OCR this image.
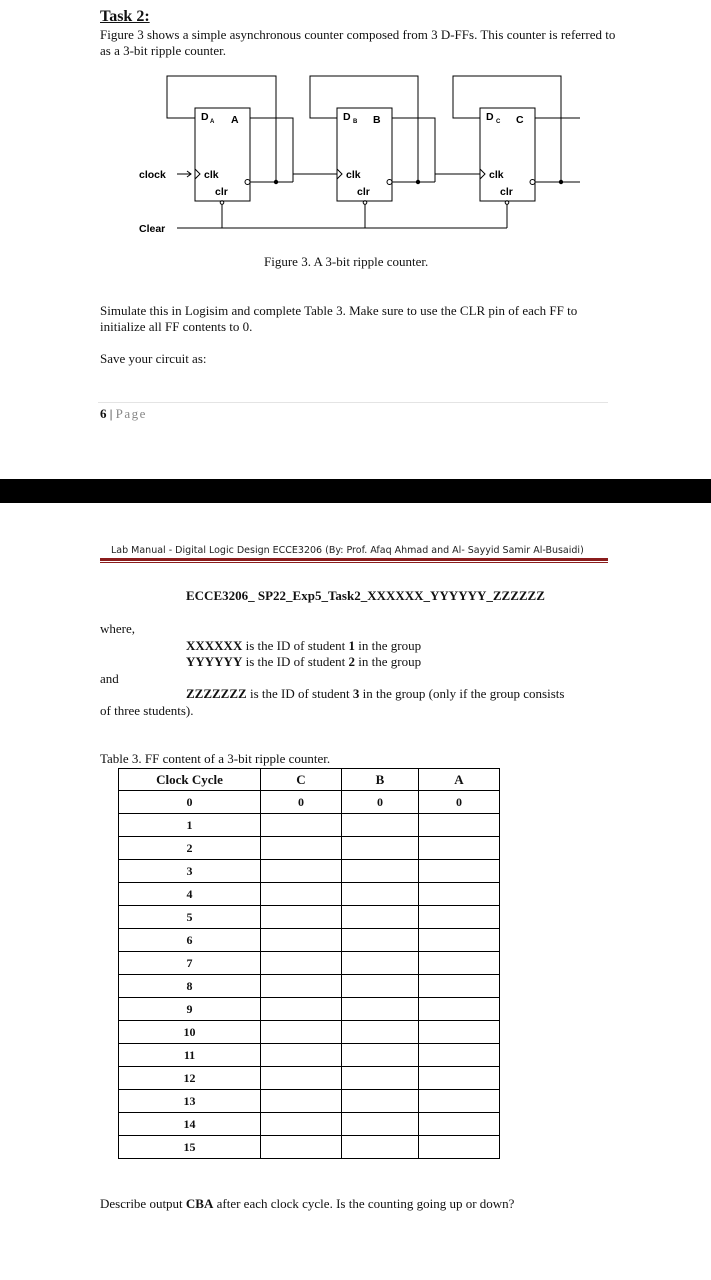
Task 2:
Figure 3 shows a simple asynchronous counter composed from 3 D-FFs. This counter is referred to as a 3-bit ripple counter.
clock
Clear
clk
clr
D A A
clk
clr
D B B
clk
clr
D C C
Figure 3. A 3-bit ripple counter.
Simulate this in Logisim and complete Table 3. Make sure to use the CLR pin of each FF to initialize all FF contents to 0.
Save your circuit as:
6 | Page
Lab Manual - Digital Logic Design ECCE3206 (By: Prof. Afaq Ahmad and Al- Sayyid Samir Al-Busaidi)
ECCE3206_ SP22_Exp5_Task2_XXXXXX_YYYYYY_ZZZZZZ
where,
XXXXXX is the ID of student 1 in the group
YYYYYY is the ID of student 2 in the group
and
ZZZZZZZ is the ID of student 3 in the group (only if the group consists
of three students).
Table 3. FF content of a 3-bit ripple counter.
Clock Cycle	C	B	A
0	0	0	0
1			
2			
3			
4			
5			
6			
7			
8			
9			
10			
11			
12			
13			
14			
15			
Describe output CBA after each clock cycle. Is the counting going up or down?
